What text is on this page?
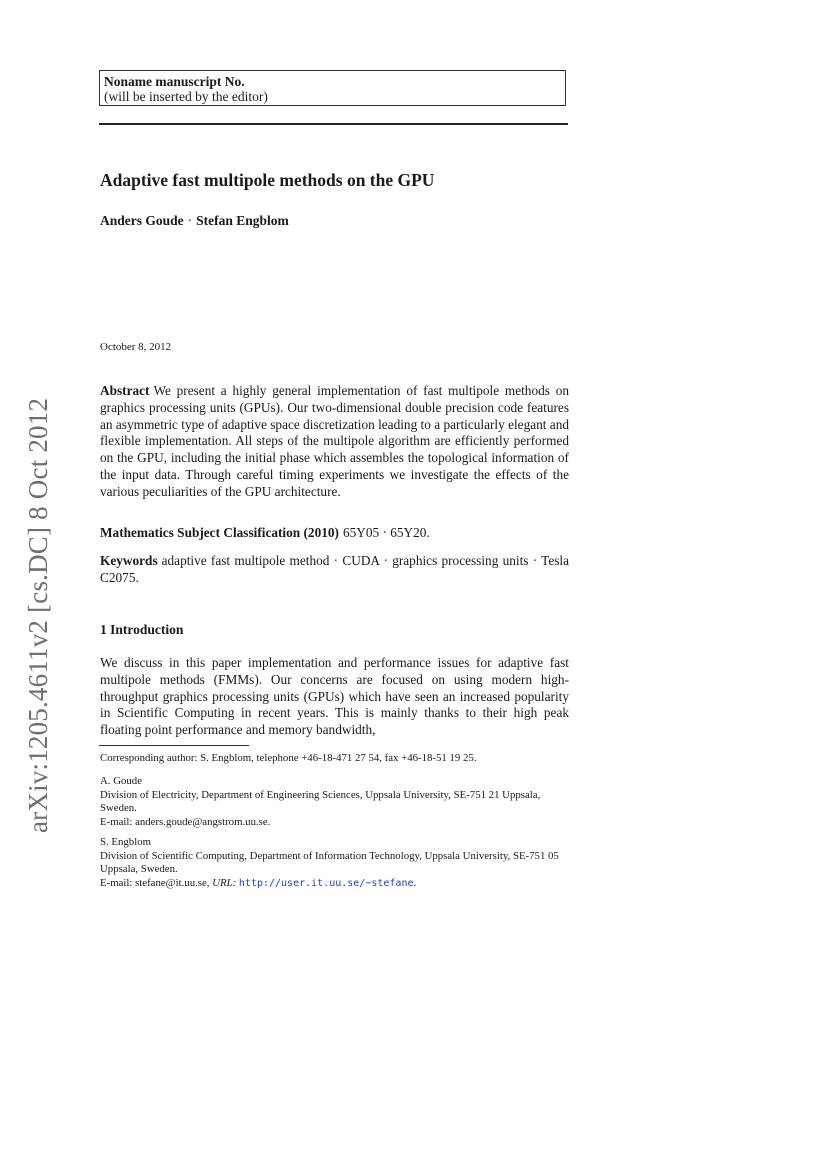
arXiv:1205.4611v2 [cs.DC] 8 Oct 2012
Noname manuscript No.
(will be inserted by the editor)
Adaptive fast multipole methods on the GPU
Anders Goude · Stefan Engblom
October 8, 2012
Abstract We present a highly general implementation of fast multipole methods on graphics processing units (GPUs). Our two-dimensional double precision code features an asymmetric type of adaptive space discretization leading to a particularly elegant and flexible implementation. All steps of the multipole algorithm are efficiently performed on the GPU, including the initial phase which assembles the topological information of the input data. Through careful timing experiments we investigate the effects of the various peculiarities of the GPU architecture.
Mathematics Subject Classification (2010) 65Y05 · 65Y20.
Keywords adaptive fast multipole method · CUDA · graphics processing units · Tesla C2075.
1 Introduction
We discuss in this paper implementation and performance issues for adaptive fast multipole methods (FMMs). Our concerns are focused on using modern high-throughput graphics processing units (GPUs) which have seen an increased popularity in Scientific Computing in recent years. This is mainly thanks to their high peak floating point performance and memory bandwidth,
Corresponding author: S. Engblom, telephone +46-18-471 27 54, fax +46-18-51 19 25.

A. Goude

Division of Electricity, Department of Engineering Sciences, Uppsala University, SE-751 21 Uppsala, Sweden.

E-mail: anders.goude@angstrom.uu.se.

S. Engblom

Division of Scientific Computing, Department of Information Technology, Uppsala University, SE-751 05 Uppsala, Sweden.

E-mail: stefane@it.uu.se, URL: http://user.it.uu.se/~stefane.
